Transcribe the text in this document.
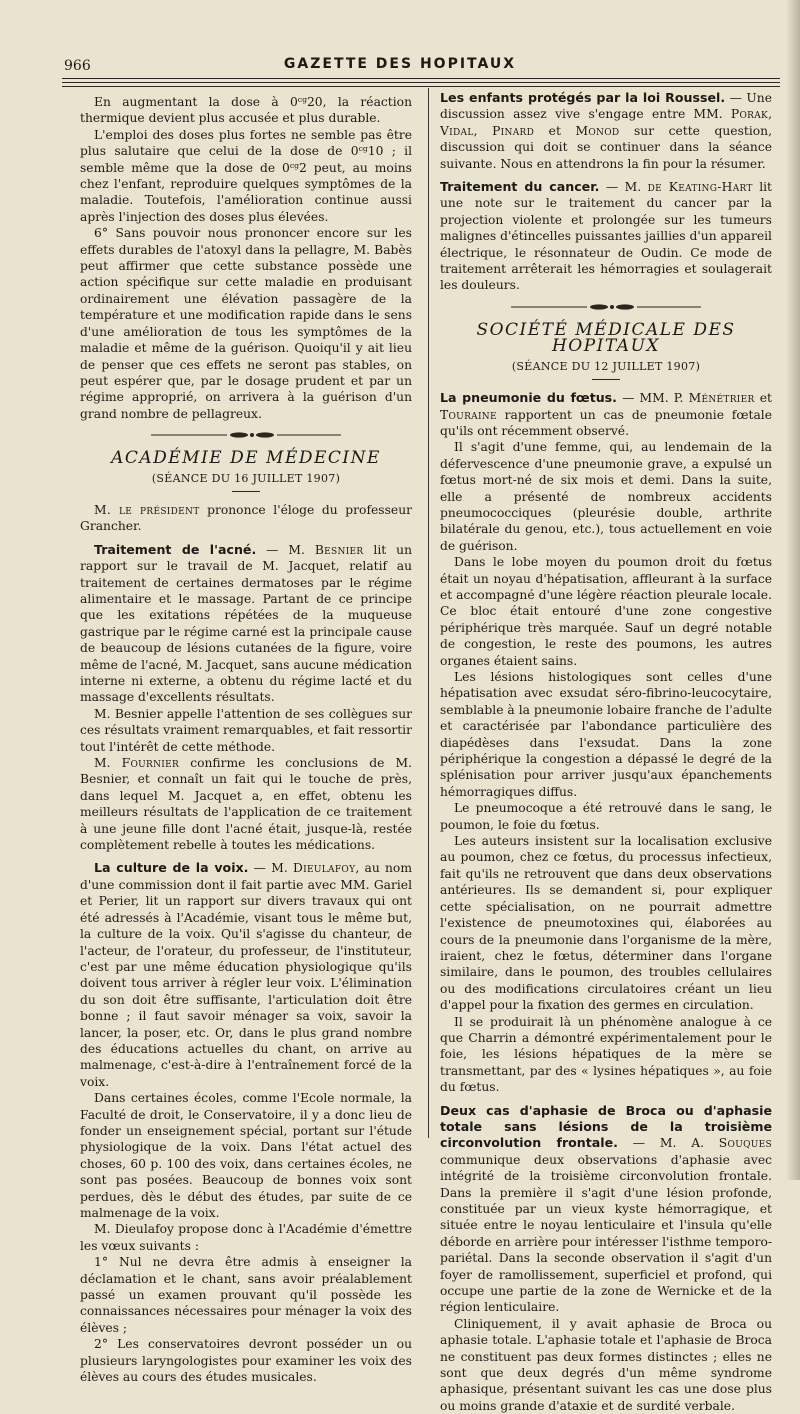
966	GAZETTE DES HOPITAUX

En augmentant la dose à 0ᶜᵍ20, la réaction thermique devient plus accusée et plus durable.

L'emploi des doses plus fortes ne semble pas être plus salutaire que celui de la dose de 0ᶜᵍ10 ; il semble même que la dose de 0ᶜᵍ2 peut, au moins chez l'enfant, reproduire quelques symptômes de la maladie. Toutefois, l'amélioration continue aussi après l'injection des doses plus élevées.

6° Sans pouvoir nous prononcer encore sur les effets durables de l'atoxyl dans la pellagre, M. Babès peut affirmer que cette substance possède une action spécifique sur cette maladie en produisant ordinairement une élévation passagère de la température et une modification rapide dans le sens d'une amélioration de tous les symptômes de la maladie et même de la guérison. Quoiqu'il y ait lieu de penser que ces effets ne seront pas stables, on peut espérer que, par le dosage prudent et par un régime approprié, on arrivera à la guérison d'un grand nombre de pellagreux.

ACADÉMIE DE MÉDECINE
(SÉANCE DU 16 JUILLET 1907)

M. le président prononce l'éloge du professeur Grancher.

Traitement de l'acné. — M. Besnier lit un rapport sur le travail de M. Jacquet, relatif au traitement de certaines dermatoses par le régime alimentaire et le massage. Partant de ce principe que les exitations répétées de la muqueuse gastrique par le régime carné est la principale cause de beaucoup de lésions cutanées de la figure, voire même de l'acné, M. Jacquet, sans aucune médication interne ni externe, a obtenu du régime lacté et du massage d'excellents résultats.

M. Besnier appelle l'attention de ses collègues sur ces résultats vraiment remarquables, et fait ressortir tout l'intérêt de cette méthode.

M. Fournier confirme les conclusions de M. Besnier, et connaît un fait qui le touche de près, dans lequel M. Jacquet a, en effet, obtenu les meilleurs résultats de l'application de ce traitement à une jeune fille dont l'acné était, jusque-là, restée complètement rebelle à toutes les médications.

La culture de la voix. — M. Dieulafoy, au nom d'une commission dont il fait partie avec MM. Gariel et Perier, lit un rapport sur divers travaux qui ont été adressés à l'Académie, visant tous le même but, la culture de la voix. Qu'il s'agisse du chanteur, de l'acteur, de l'orateur, du professeur, de l'instituteur, c'est par une même éducation physiologique qu'ils doivent tous arriver à régler leur voix. L'élimination du son doit être suffisante, l'articulation doit être bonne ; il faut savoir ménager sa voix, savoir la lancer, la poser, etc. Or, dans le plus grand nombre des éducations actuelles du chant, on arrive au malmenage, c'est-à-dire à l'entraînement forcé de la voix.

Dans certaines écoles, comme l'Ecole normale, la Faculté de droit, le Conservatoire, il y a donc lieu de fonder un enseignement spécial, portant sur l'étude physiologique de la voix. Dans l'état actuel des choses, 60 p. 100 des voix, dans certaines écoles, ne sont pas posées. Beaucoup de bonnes voix sont perdues, dès le début des études, par suite de ce malmenage de la voix.

M. Dieulafoy propose donc à l'Académie d'émettre les vœux suivants :

1° Nul ne devra être admis à enseigner la déclamation et le chant, sans avoir préalablement passé un examen prouvant qu'il possède les connaissances nécessaires pour ménager la voix des élèves ;

2° Les conservatoires devront posséder un ou plusieurs laryngologistes pour examiner les voix des élèves au cours des études musicales.

Les enfants protégés par la loi Roussel. — Une discussion assez vive s'engage entre MM. Porak, Vidal, Pinard et Monod sur cette question, discussion qui doit se continuer dans la séance suivante. Nous en attendrons la fin pour la résumer.

Traitement du cancer. — M. de Keating-Hart lit une note sur le traitement du cancer par la projection violente et prolongée sur les tumeurs malignes d'étincelles puissantes jaillies d'un appareil électrique, le résonnateur de Oudin. Ce mode de traitement arrêterait les hémorragies et soulagerait les douleurs.

SOCIÉTÉ MÉDICALE DES HOPITAUX
(SÉANCE DU 12 JUILLET 1907)

La pneumonie du fœtus. — MM. P. Ménétrier et Touraine rapportent un cas de pneumonie fœtale qu'ils ont récemment observé.

Il s'agit d'une femme, qui, au lendemain de la défervescence d'une pneumonie grave, a expulsé un fœtus mort-né de six mois et demi. Dans la suite, elle a présenté de nombreux accidents pneumococciques (pleurésie double, arthrite bilatérale du genou, etc.), tous actuellement en voie de guérison.

Dans le lobe moyen du poumon droit du fœtus était un noyau d'hépatisation, affleurant à la surface et accompagné d'une légère réaction pleurale locale. Ce bloc était entouré d'une zone congestive périphérique très marquée. Sauf un degré notable de congestion, le reste des poumons, les autres organes étaient sains.

Les lésions histologiques sont celles d'une hépatisation avec exsudat séro-fibrino-leucocytaire, semblable à la pneumonie lobaire franche de l'adulte et caractérisée par l'abondance particulière des diapédèses dans l'exsudat. Dans la zone périphérique la congestion a dépassé le degré de la splénisation pour arriver jusqu'aux épanchements hémorragiques diffus.

Le pneumocoque a été retrouvé dans le sang, le poumon, le foie du fœtus.

Les auteurs insistent sur la localisation exclusive au poumon, chez ce fœtus, du processus infectieux, fait qu'ils ne retrouvent que dans deux observations antérieures. Ils se demandent si, pour expliquer cette spécialisation, on ne pourrait admettre l'existence de pneumotoxines qui, élaborées au cours de la pneumonie dans l'organisme de la mère, iraient, chez le fœtus, déterminer dans l'organe similaire, dans le poumon, des troubles cellulaires ou des modifications circulatoires créant un lieu d'appel pour la fixation des germes en circulation.

Il se produirait là un phénomène analogue à ce que Charrin a démontré expérimentalement pour le foie, les lésions hépatiques de la mère se transmettant, par des « lysines hépatiques », au foie du fœtus.

Deux cas d'aphasie de Broca ou d'aphasie totale sans lésions de la troisième circonvolution frontale. — M. A. Souques communique deux observations d'aphasie avec intégrité de la troisième circonvolution frontale. Dans la première il s'agit d'une lésion profonde, constituée par un vieux kyste hémorragique, et située entre le noyau lenticulaire et l'insula qu'elle déborde en arrière pour intéresser l'isthme temporo-pariétal. Dans la seconde observation il s'agit d'un foyer de ramollissement, superficiel et profond, qui occupe une partie de la zone de Wernicke et de la région lenticulaire.

Cliniquement, il y avait aphasie de Broca ou aphasie totale. L'aphasie totale et l'aphasie de Broca ne constituent pas deux formes distinctes ; elles ne sont que deux degrés d'un même syndrome aphasique, présentant suivant les cas une dose plus ou moins grande d'ataxie et de surdité verbale.
